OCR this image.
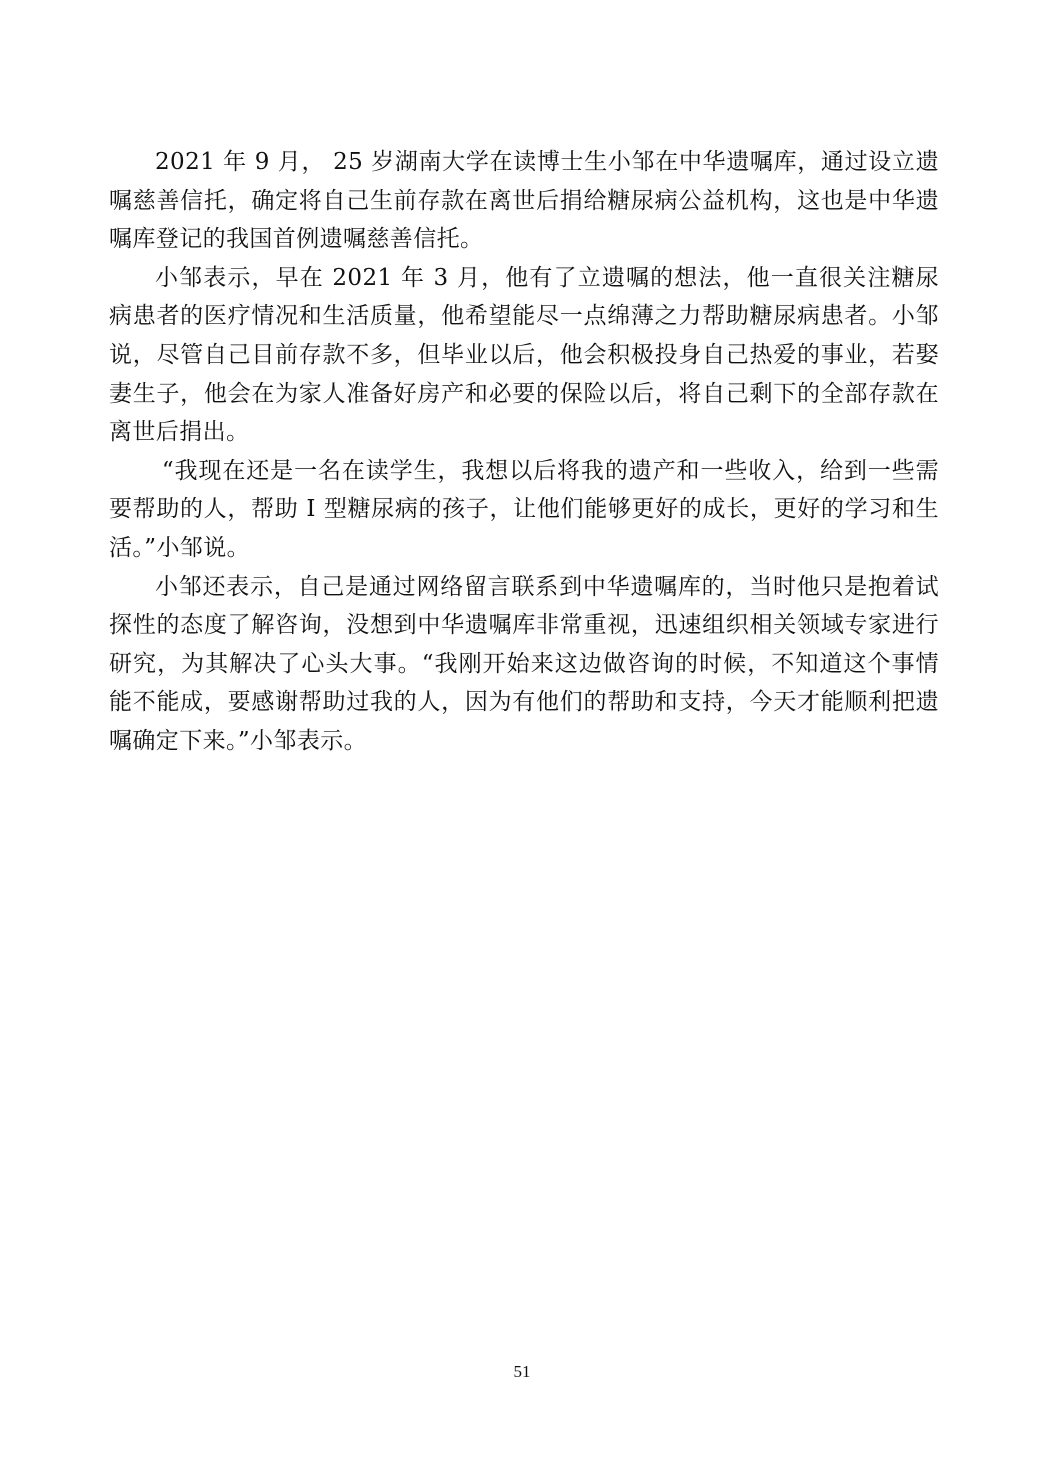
2021 年 9 月， 25 岁湖南大学在读博士生小邹在中华遗嘱库，通过设立遗嘱慈善信托，确定将自己生前存款在离世后捐给糖尿病公益机构，这也是中华遗嘱库登记的我国首例遗嘱慈善信托。

小邹表示，早在 2021 年 3 月，他有了立遗嘱的想法，他一直很关注糖尿病患者的医疗情况和生活质量，他希望能尽一点绵薄之力帮助糖尿病患者。小邹说，尽管自己目前存款不多，但毕业以后，他会积极投身自己热爱的事业，若娶妻生子，他会在为家人准备好房产和必要的保险以后，将自己剩下的全部存款在离世后捐出。

“我现在还是一名在读学生，我想以后将我的遗产和一些收入，给到一些需要帮助的人，帮助 I 型糖尿病的孩子，让他们能够更好的成长，更好的学习和生活。”小邹说。

小邹还表示，自己是通过网络留言联系到中华遗嘱库的，当时他只是抱着试探性的态度了解咨询，没想到中华遗嘱库非常重视，迅速组织相关领域专家进行研究，为其解决了心头大事。“我刚开始来这边做咨询的时候，不知道这个事情能不能成，要感谢帮助过我的人，因为有他们的帮助和支持，今天才能顺利把遗嘱确定下来。”小邹表示。

51
